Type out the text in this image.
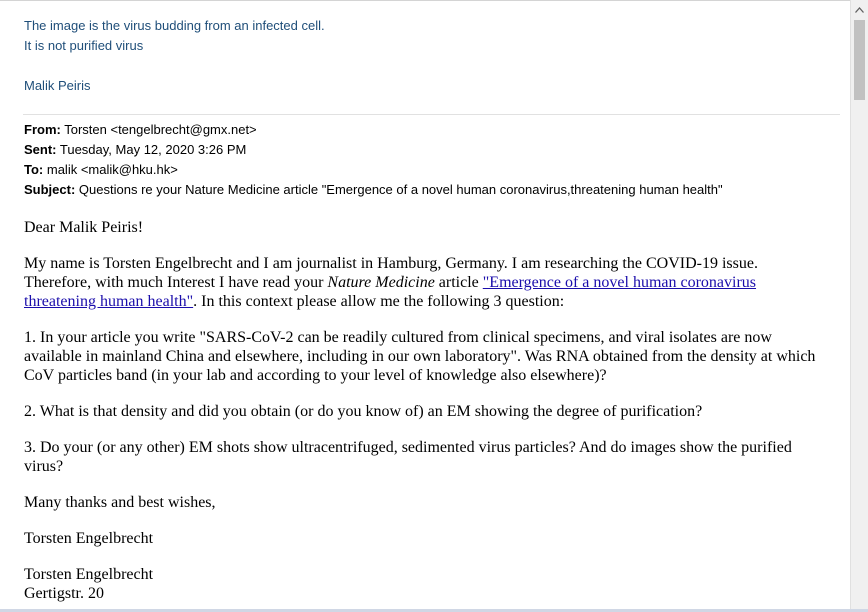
The image is the virus budding from an infected cell.
It is not purified virus
Malik Peiris
From: Torsten <tengelbrecht@gmx.net>
Sent: Tuesday, May 12, 2020 3:26 PM
To: malik <malik@hku.hk>
Subject: Questions re your Nature Medicine article "Emergence of a novel human coronavirus,threatening human health"

Dear Malik Peiris!

My name is Torsten Engelbrecht and I am journalist in Hamburg, Germany. I am researching the COVID-19 issue. Therefore, with much Interest I have read your Nature Medicine article "Emergence of a novel human coronavirus threatening human health". In this context please allow me the following 3 question:

1. In your article you write "SARS-CoV-2 can be readily cultured from clinical specimens, and viral isolates are now available in mainland China and elsewhere, including in our own laboratory". Was RNA obtained from the density at which CoV particles band (in your lab and according to your level of knowledge also elsewhere)?

2. What is that density and did you obtain (or do you know of) an EM showing the degree of purification?

3. Do your (or any other) EM shots show ultracentrifuged, sedimented virus particles? And do images show the purified virus?

Many thanks and best wishes,

Torsten Engelbrecht

Torsten Engelbrecht

Gertigstr. 20
